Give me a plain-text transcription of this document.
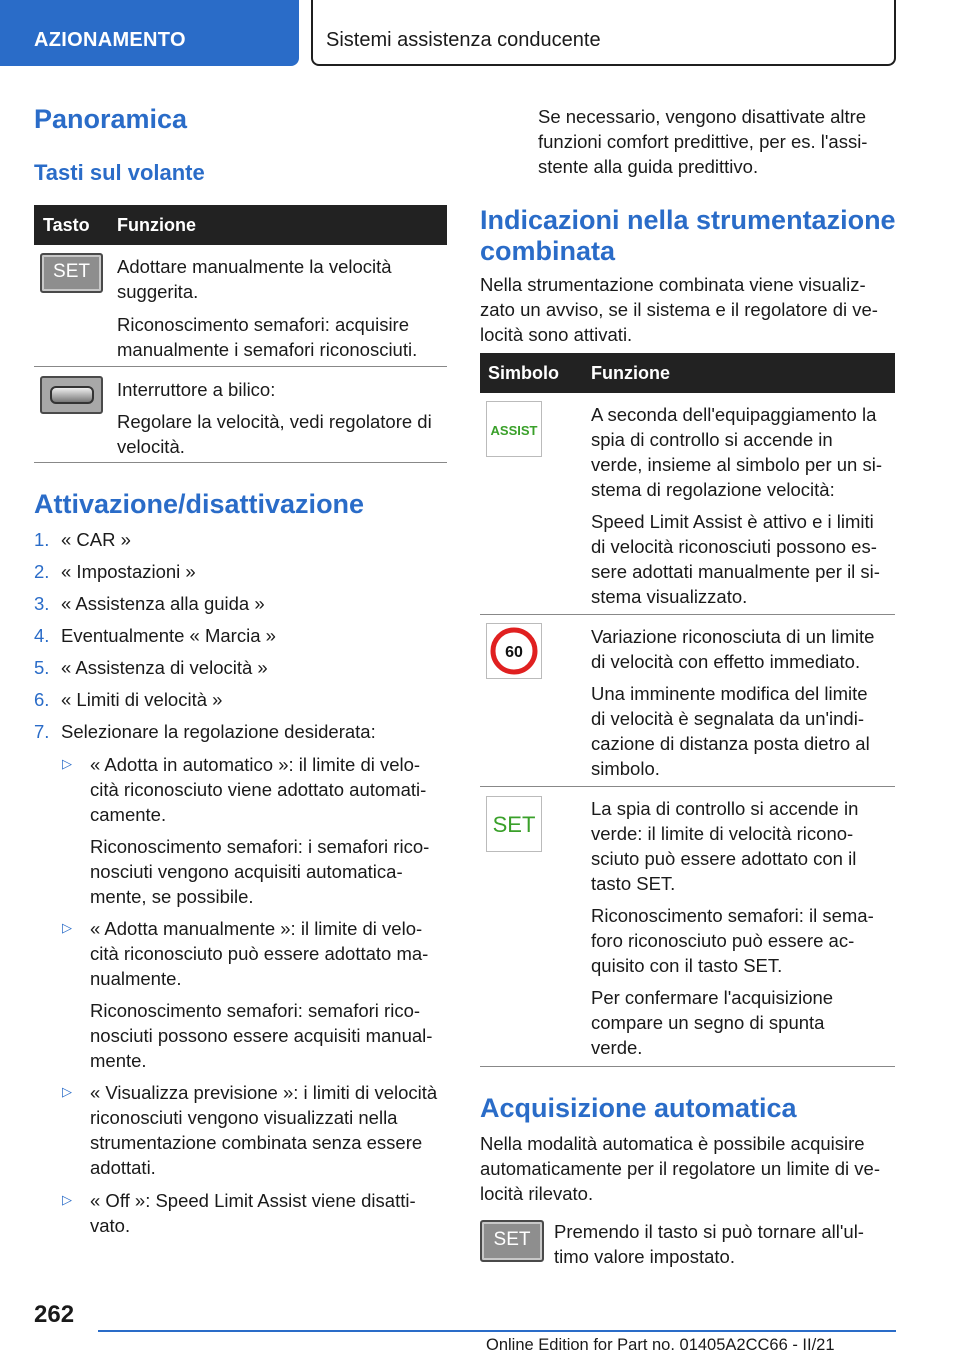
AZIONAMENTO	Sistemi assistenza conducente
Panoramica
Tasti sul volante
Tasto Funzione
SET	Adottare manualmente la velocità
suggerita.
Riconoscimento semafori: acquisire
manualmente i semafori riconosciuti.
Interruttore a bilico:
Regolare la velocità, vedi regolatore di
velocità.
Attivazione/disattivazione
1. « CAR »
2. « Impostazioni »
3. « Assistenza alla guida »
4. Eventualmente « Marcia »
5. « Assistenza di velocità »
6. « Limiti di velocità »
7. Selezionare la regolazione desiderata:
▷ « Adotta in automatico »: il limite di velo-
cità riconosciuto viene adottato automati-
camente.
Riconoscimento semafori: i semafori rico-
nosciuti vengono acquisiti automatica-
mente, se possibile.
▷ « Adotta manualmente »: il limite di velo-
cità riconosciuto può essere adottato ma-
nualmente.
Riconoscimento semafori: semafori rico-
nosciuti possono essere acquisiti manual-
mente.
▷ « Visualizza previsione »: i limiti di velocità
riconosciuti vengono visualizzati nella
strumentazione combinata senza essere
adottati.
▷ « Off »: Speed Limit Assist viene disatti-
vato.
Se necessario, vengono disattivate altre
funzioni comfort predittive, per es. l'assi-
stente alla guida predittivo.
Indicazioni nella strumentazione
combinata
Nella strumentazione combinata viene visualiz-
zato un avviso, se il sistema e il regolatore di ve-
locità sono attivati.
Simbolo Funzione
ASSIST
A seconda dell'equipaggiamento la
spia di controllo si accende in
verde, insieme al simbolo per un si-
stema di regolazione velocità:
Speed Limit Assist è attivo e i limiti
di velocità riconosciuti possono es-
sere adottati manualmente per il si-
stema visualizzato.
60
Variazione riconosciuta di un limite
di velocità con effetto immediato.
Una imminente modifica del limite
di velocità è segnalata da un'indi-
cazione di distanza posta dietro al
simbolo.
SET
La spia di controllo si accende in
verde: il limite di velocità ricono-
sciuto può essere adottato con il
tasto SET.
Riconoscimento semafori: il sema-
foro riconosciuto può essere ac-
quisito con il tasto SET.
Per confermare l'acquisizione
compare un segno di spunta
verde.
Acquisizione automatica
Nella modalità automatica è possibile acquisire
automaticamente per il regolatore un limite di ve-
locità rilevato.
SET	Premendo il tasto si può tornare all'ul-
timo valore impostato.
262
Online Edition for Part no. 01405A2CC66 - II/21
